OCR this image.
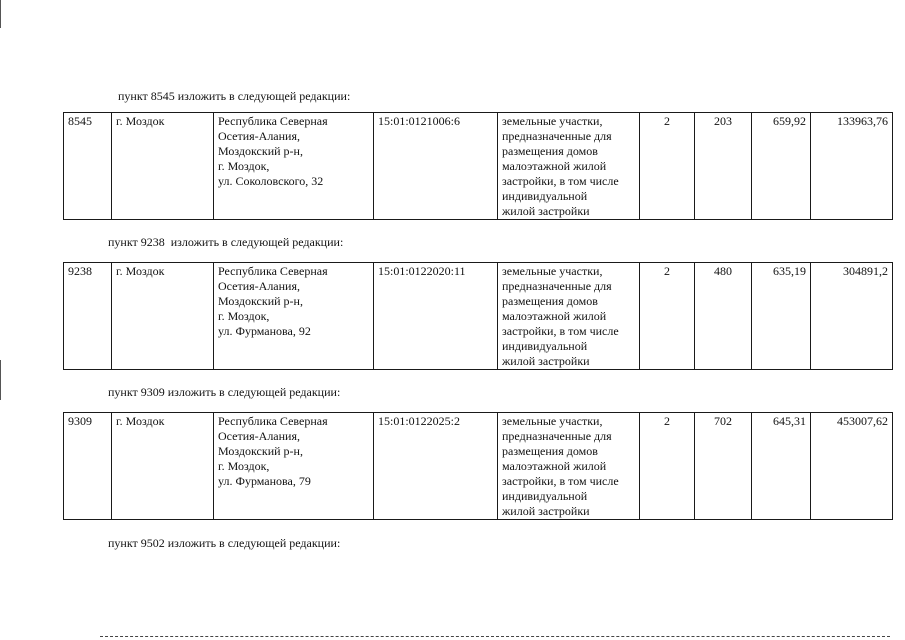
пункт 8545 изложить в следующей редакции:
8545	г. Моздок	Республика Северная
Осетия-Алания,
Моздокский р-н,
г. Моздок,
ул. Соколовского, 32
	15:01:0121006:6	земельные участки,
предназначенные для
размещения домов
малоэтажной жилой
застройки, в том числе
индивидуальной
жилой застройки
	2	203	659,92	133963,76
пункт 9238  изложить в следующей редакции:
9238	г. Моздок	Республика Северная
Осетия-Алания,
Моздокский р-н,
г. Моздок,
ул. Фурманова, 92
	15:01:0122020:11	земельные участки,
предназначенные для
размещения домов
малоэтажной жилой
застройки, в том числе
индивидуальной
жилой застройки
	2	480	635,19	304891,2
пункт 9309 изложить в следующей редакции:
9309	г. Моздок	Республика Северная
Осетия-Алания,
Моздокский р-н,
г. Моздок,
ул. Фурманова, 79
	15:01:0122025:2	земельные участки,
предназначенные для
размещения домов
малоэтажной жилой
застройки, в том числе
индивидуальной
жилой застройки
	2	702	645,31	453007,62
пункт 9502 изложить в следующей редакции:
